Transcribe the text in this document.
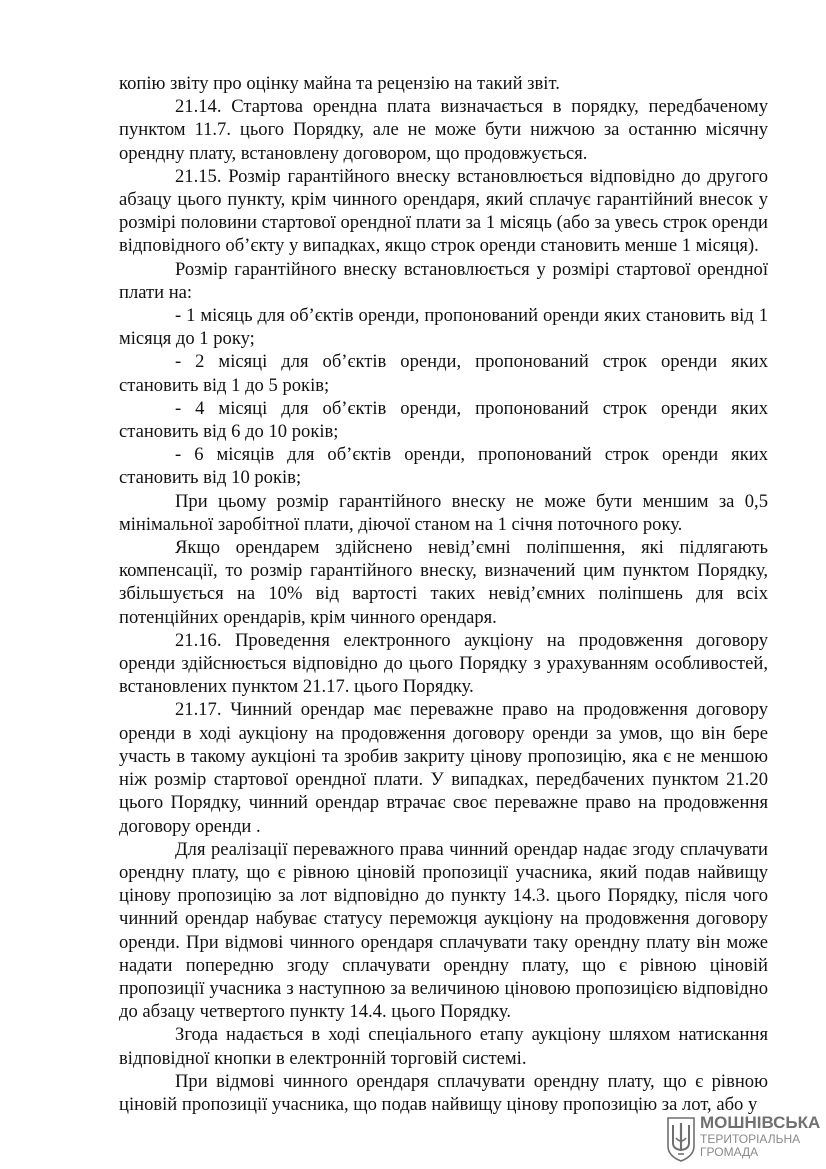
копію звіту про оцінку майна та рецензію на такий звіт.

21.14. Стартова орендна плата визначається в порядку, передбаченому пунктом 11.7. цього Порядку, але не може бути нижчою за останню місячну орендну плату, встановлену договором, що продовжується.

21.15. Розмір гарантійного внеску встановлюється відповідно до другого абзацу цього пункту, крім чинного орендаря, який сплачує гарантійний внесок у розмірі половини стартової орендної плати за 1 місяць (або за увесь строк оренди відповідного об’єкту у випадках, якщо строк оренди становить менше 1 місяця).

Розмір гарантійного внеску встановлюється у розмірі стартової орендної плати на:

- 1 місяць для об’єктів оренди, пропонований оренди яких становить від 1 місяця до 1 року;

- 2 місяці для об’єктів оренди, пропонований строк оренди яких становить від 1 до 5 років;

- 4 місяці для об’єктів оренди, пропонований строк оренди яких становить від 6 до 10 років;

- 6 місяців для об’єктів оренди, пропонований строк оренди яких становить від 10 років;

При цьому розмір гарантійного внеску не може бути меншим за 0,5 мінімальної заробітної плати, діючої станом на 1 січня поточного року.

Якщо орендарем здійснено невід’ємні поліпшення, які підлягають компенсації, то розмір гарантійного внеску, визначений цим пунктом Порядку, збільшується на 10% від вартості таких невід’ємних поліпшень для всіх потенційних орендарів, крім чинного орендаря.

21.16. Проведення електронного аукціону на продовження договору оренди здійснюється відповідно до цього Порядку з урахуванням особливостей, встановлених пунктом 21.17. цього Порядку.

21.17. Чинний орендар має переважне право на продовження договору оренди в ході аукціону на продовження договору оренди за умов, що він бере участь в такому аукціоні та зробив закриту цінову пропозицію, яка є не меншою ніж розмір стартової орендної плати. У випадках, передбачених пунктом 21.20 цього Порядку, чинний орендар втрачає своє переважне право на продовження договору оренди .

Для реалізації переважного права чинний орендар надає згоду сплачувати орендну плату, що є рівною ціновій пропозиції учасника, який подав найвищу цінову пропозицію за лот відповідно до пункту 14.3. цього Порядку, після чого чинний орендар набуває статусу переможця аукціону на продовження договору оренди. При відмові чинного орендаря сплачувати таку орендну плату він може надати попередню згоду сплачувати орендну плату, що є рівною ціновій пропозиції учасника з наступною за величиною ціновою пропозицією відповідно до абзацу четвертого пункту 14.4. цього Порядку.

Згода надається в ході спеціального етапу аукціону шляхом натискання відповідної кнопки в електронній торговій системі.

При відмові чинного орендаря сплачувати орендну плату, що є рівною ціновій пропозиції учасника, що подав найвищу цінову пропозицію за лот, або у

МОШНІВСЬКА
ТЕРИТОРІАЛЬНА
ГРОМАДА
